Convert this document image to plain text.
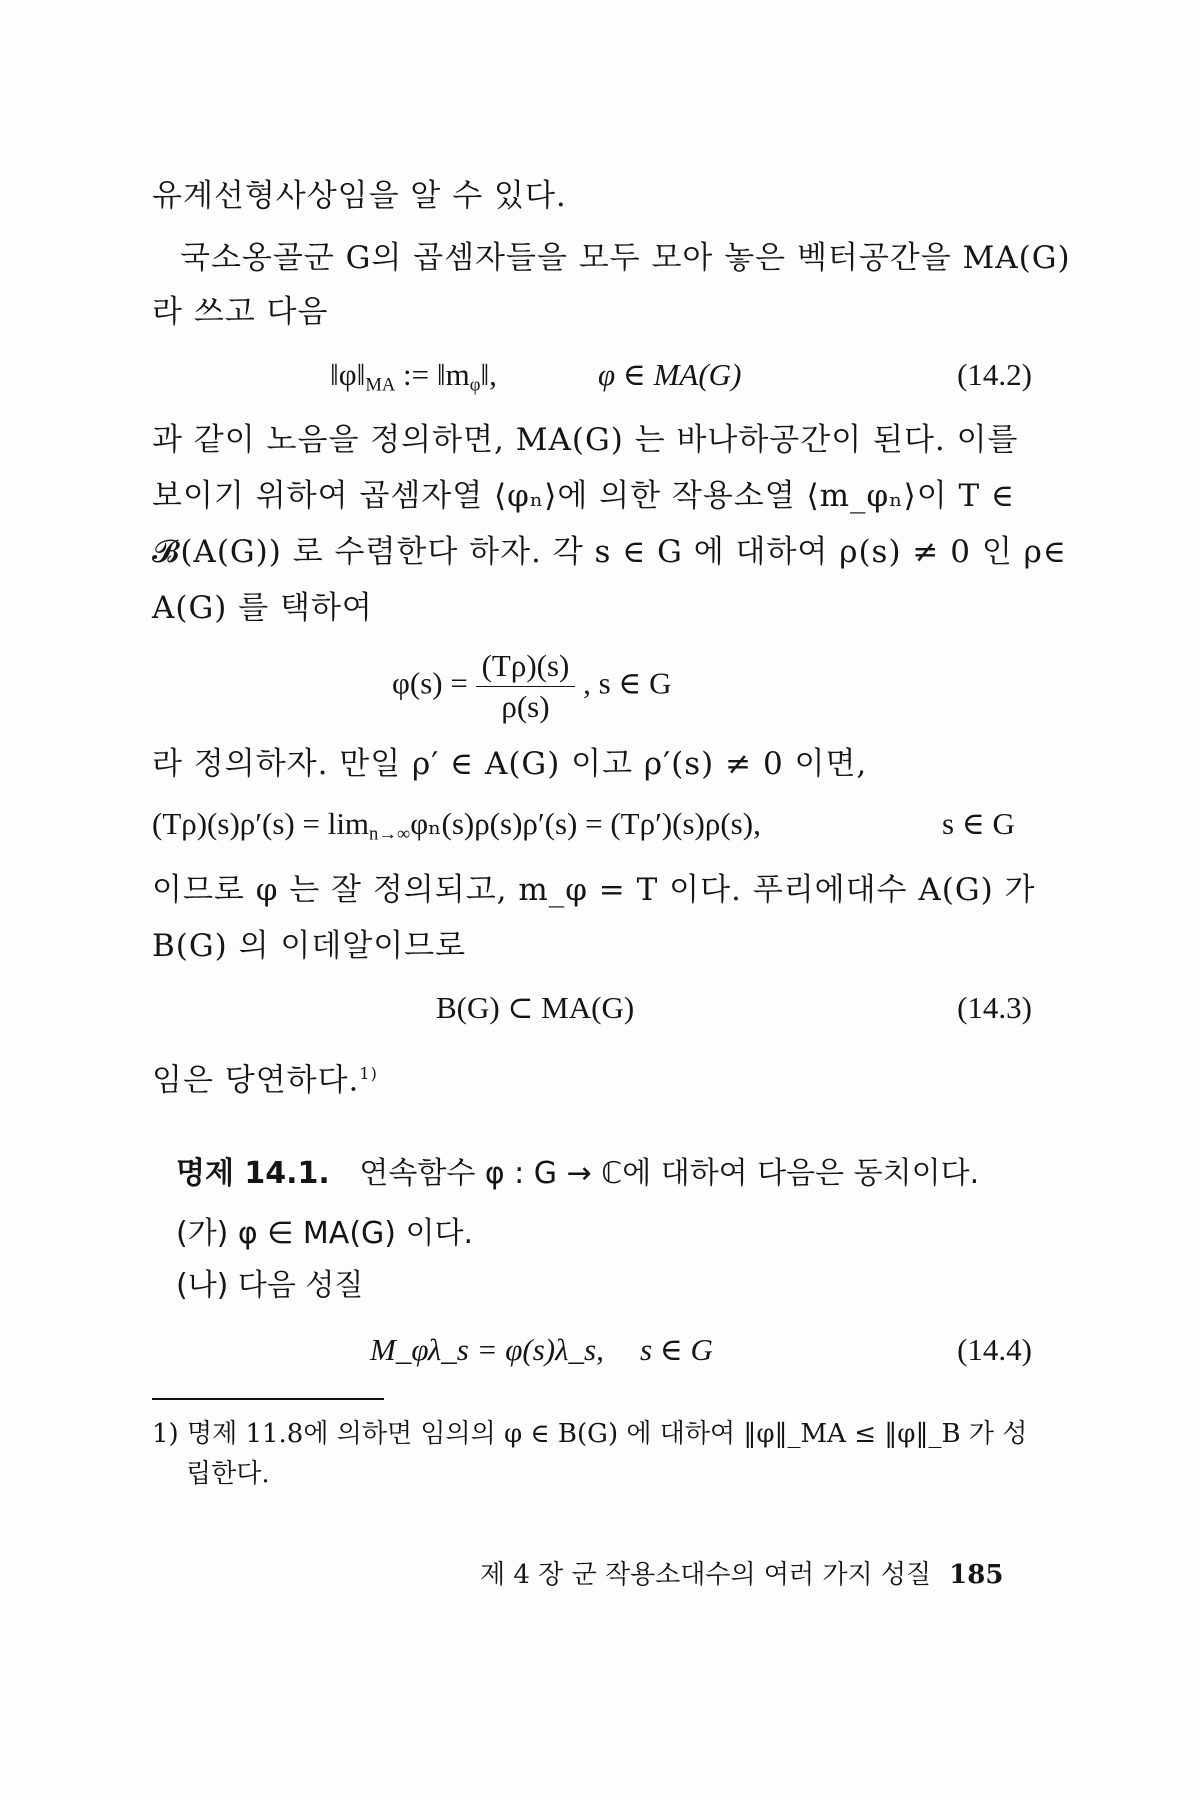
유계선형사상임을 알 수 있다.
국소옹골군 G의 곱셈자들을 모두 모아 놓은 벡터공간을 MA(G)
라 쓰고 다음
$‖\varphi‖_{MA}$ := $‖m_\varphi‖$,	φ ∈ MA(G)	(14.2)
과 같이 노음을 정의하면, MA(G) 는 바나하공간이 된다. 이를
보이기 위하여 곱셈자열 ⟨φₙ⟩에 의한 작용소열 ⟨m_φₙ⟩이 T ∈
𝓑(A(G)) 로 수렴한다 하자. 각 s ∈ G 에 대하여 ρ(s) ≠ 0 인 ρ∈
A(G) 를 택하여
$\varphi(s) = \frac{(T\rho)(s)}{\rho(s)}$ , s ∈ G
라 정의하자. 만일 ρ′ ∈ A(G) 이고 ρ′(s) ≠ 0 이면,
$(T\rho)(s)\rho'(s) = \lim_{n\to\infty}\varphi_n(s)\rho(s)\rho'(s) = (T\rho')(s)\rho(s)$,	s ∈ G
이므로 φ 는 잘 정의되고, m_φ = T 이다. 푸리에대수 A(G) 가
B(G) 의 이데알이므로
B(G) ⊂ MA(G)	(14.3)
임은 당연하다.$^{1)}$
명제 14.1. 연속함수 φ : G → ℂ에 대하여 다음은 동치이다.
(가) φ ∈ MA(G) 이다.
(나) 다음 성질
M_φλ_s = φ(s)λ_s, s ∈ G	(14.4)
1) 명제 11.8에 의하면 임의의 φ ∈ B(G) 에 대하여 ‖φ‖_MA ≤ ‖φ‖_B 가 성
립한다.
제 4 장 군 작용소대수의 여러 가지 성질 185
